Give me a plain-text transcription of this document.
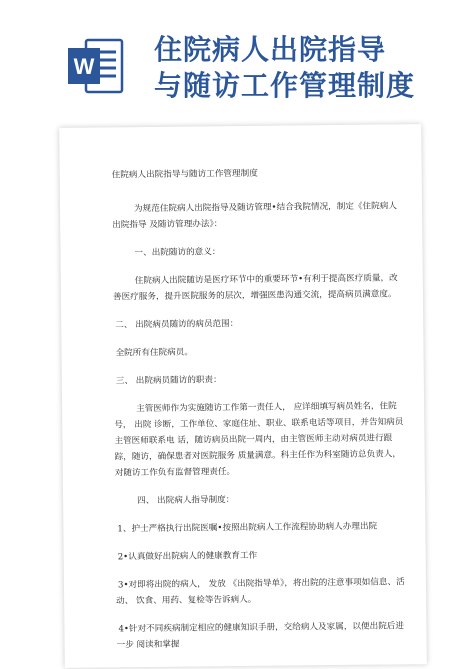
W
住院病人出院指导
与随访工作管理制度

住院病人出院指导与随访工作管理制度

为规范住院病人出院指导及随访管理•结合我院情况，制定《住院病人出院指导 及随访管理办法》：

一、出院随访的意义：

住院病人出院随访是医疗环节中的重要环节•有利于提高医疗质量，改善医疗服务，提升医院服务的层次，增强医患沟通交流，提高病员满意度。

二、 出院病员随访的病员范围：

全院所有住院病员。

三、 出院病员随访的职责：

主管医师作为实施随访工作第一责任人， 应详细填写病员姓名，住院号， 出院 诊断，工作单位、家庭住址、职业、联系电话等项目，并告知病员主管医师联系电 话，随访病员出院一周内，由主管医师主动对病员进行跟踪，随访，确保患者对医院服务 质量满意。科主任作为科室随访总负责人，对随访工作负有监督管理责任。

四、 出院病人指导制度：

1、护士严格执行出院医嘱•按照出院病人工作流程协助病人办理出院

2•认真做好出院病人的健康教育工作

3•对即将出院的病人， 发放 《出院指导单》，将出院的注意事项如信息、活动、 饮食、用药、复检等告诉病人。

4•针对不同疾病制定相应的健康知识手册，交给病人及家属，以便出院后进一步 阅读和掌握
